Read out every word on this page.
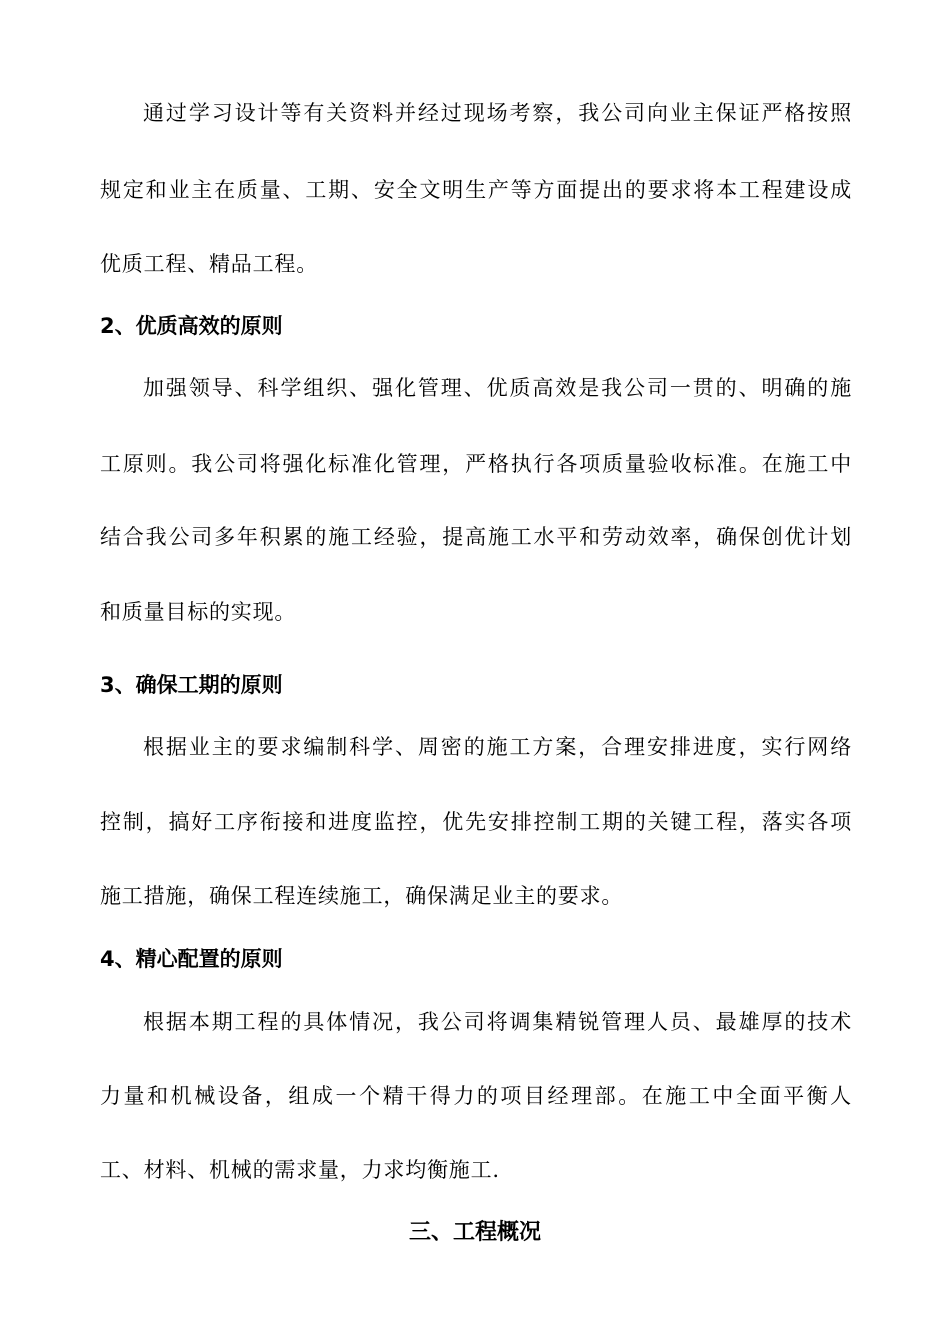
通过学习设计等有关资料并经过现场考察，我公司向业主保证严格按照
规定和业主在质量、工期、安全文明生产等方面提出的要求将本工程建设成
优质工程、精品工程。
2、优质高效的原则
加强领导、科学组织、强化管理、优质高效是我公司一贯的、明确的施
工原则。我公司将强化标准化管理，严格执行各项质量验收标准。在施工中
结合我公司多年积累的施工经验，提高施工水平和劳动效率，确保创优计划
和质量目标的实现。
3、确保工期的原则
根据业主的要求编制科学、周密的施工方案，合理安排进度，实行网络
控制，搞好工序衔接和进度监控，优先安排控制工期的关键工程，落实各项
施工措施，确保工程连续施工，确保满足业主的要求。
4、精心配置的原则
根据本期工程的具体情况，我公司将调集精锐管理人员、最雄厚的技术
力量和机械设备，组成一个精干得力的项目经理部。在施工中全面平衡人
工、材料、机械的需求量，力求均衡施工.
三、工程概况
